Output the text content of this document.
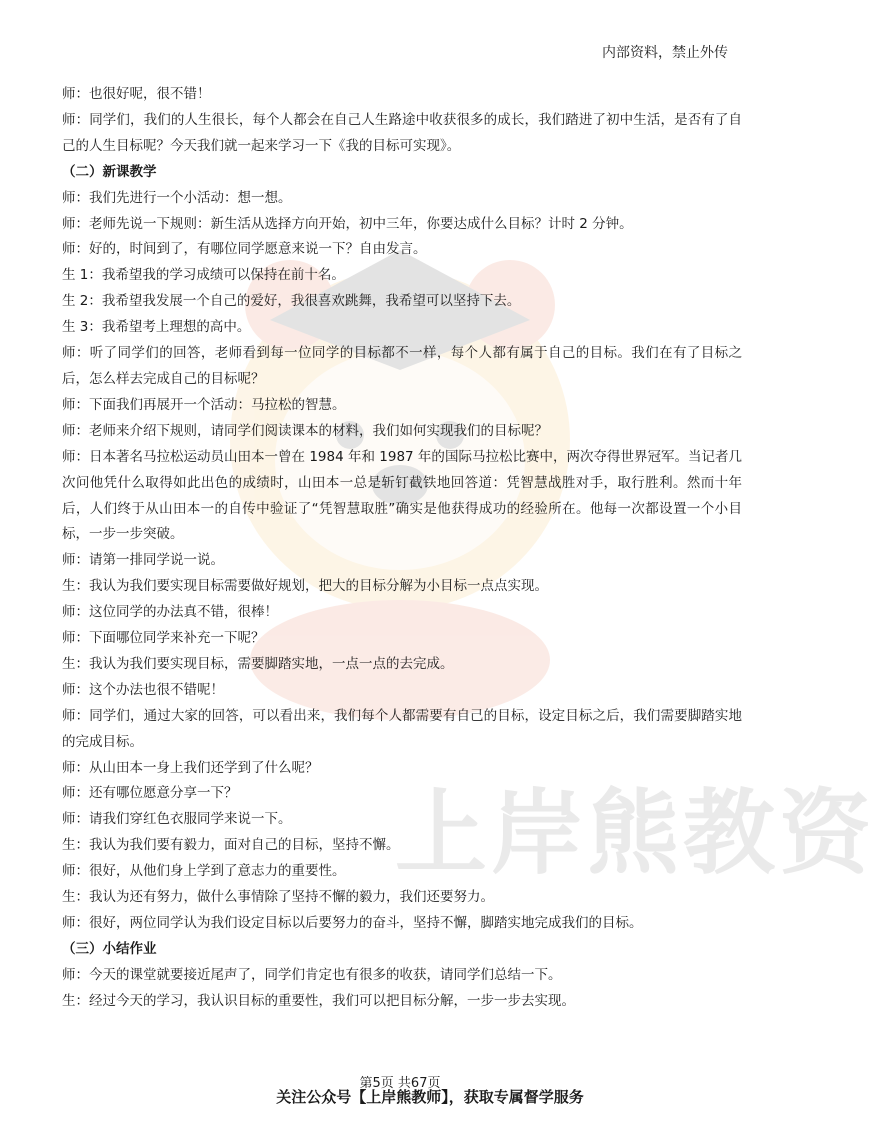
上岸熊教资
内部资料，禁止外传

师：也很好呢，很不错！

师：同学们，我们的人生很长，每个人都会在自己人生路途中收获很多的成长，我们踏进了初中生活，是否有了自己的人生目标呢？今天我们就一起来学习一下《我的目标可实现》。

（二）新课教学

师：我们先进行一个小活动：想一想。

师：老师先说一下规则：新生活从选择方向开始，初中三年，你要达成什么目标？计时 2 分钟。

师：好的，时间到了，有哪位同学愿意来说一下？自由发言。

生 1：我希望我的学习成绩可以保持在前十名。

生 2：我希望我发展一个自己的爱好，我很喜欢跳舞，我希望可以坚持下去。

生 3：我希望考上理想的高中。

师：听了同学们的回答，老师看到每一位同学的目标都不一样，每个人都有属于自己的目标。我们在有了目标之后，怎么样去完成自己的目标呢？

师：下面我们再展开一个活动：马拉松的智慧。

师：老师来介绍下规则，请同学们阅读课本的材料，我们如何实现我们的目标呢？

师：日本著名马拉松运动员山田本一曾在 1984 年和 1987 年的国际马拉松比赛中，两次夺得世界冠军。当记者几次问他凭什么取得如此出色的成绩时，山田本一总是斩钉截铁地回答道：凭智慧战胜对手，取行胜利。然而十年后，人们终于从山田本一的自传中验证了“凭智慧取胜”确实是他获得成功的经验所在。他每一次都设置一个小目标，一步一步突破。

师：请第一排同学说一说。

生：我认为我们要实现目标需要做好规划，把大的目标分解为小目标一点点实现。

师：这位同学的办法真不错，很棒！

师：下面哪位同学来补充一下呢？

生：我认为我们要实现目标，需要脚踏实地，一点一点的去完成。

师：这个办法也很不错呢！

师：同学们，通过大家的回答，可以看出来，我们每个人都需要有自己的目标，设定目标之后，我们需要脚踏实地的完成目标。

师：从山田本一身上我们还学到了什么呢？

师：还有哪位愿意分享一下？

师：请我们穿红色衣服同学来说一下。

生：我认为我们要有毅力，面对自己的目标，坚持不懈。

师：很好，从他们身上学到了意志力的重要性。

生：我认为还有努力，做什么事情除了坚持不懈的毅力，我们还要努力。

师：很好，两位同学认为我们设定目标以后要努力的奋斗，坚持不懈，脚踏实地完成我们的目标。

（三）小结作业

师：今天的课堂就要接近尾声了，同学们肯定也有很多的收获，请同学们总结一下。

生：经过今天的学习，我认识目标的重要性，我们可以把目标分解，一步一步去实现。

第5页 共67页
关注公众号【上岸熊教师】，获取专属督学服务
